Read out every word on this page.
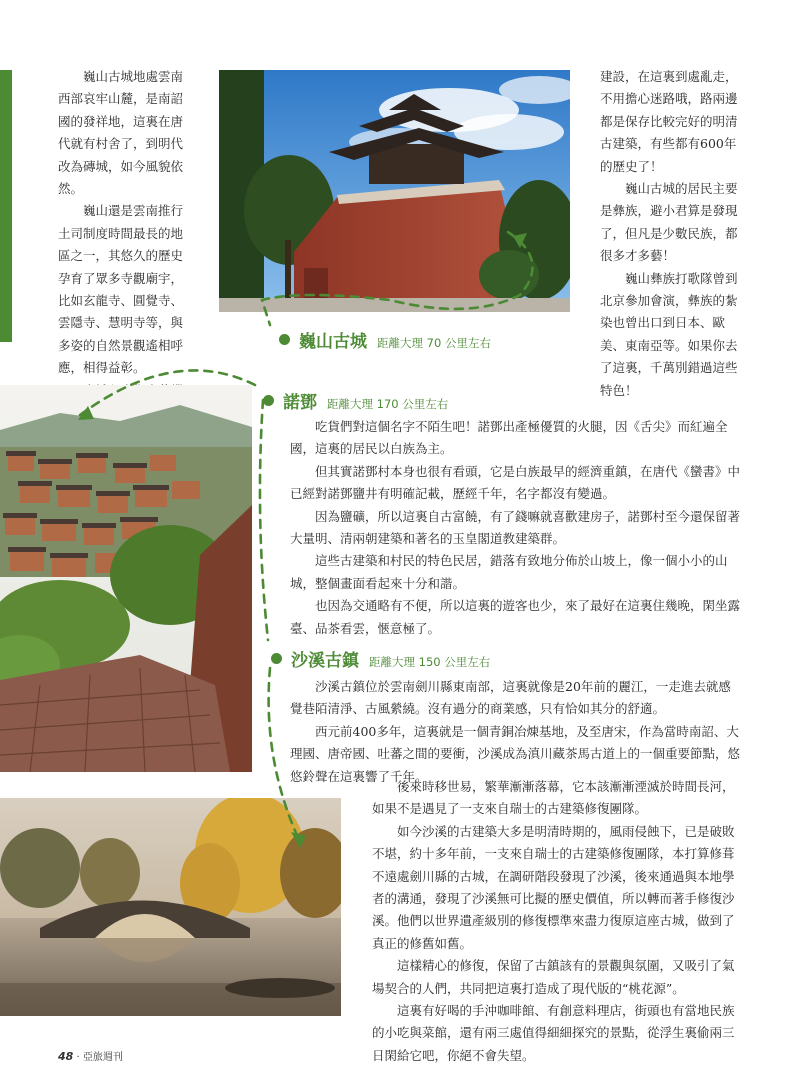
巍山古城地處雲南西部哀牢山麓，是南詔國的發祥地，這裏在唐代就有村舍了，到明代改為磚城，如今風貌依然。

巍山還是雲南推行土司制度時間最長的地區之一，其悠久的歷史孕育了眾多寺觀廟宇，比如玄龍寺、圓覺寺、雲隱寺、慧明寺等，與多姿的自然景觀遙相呼應，相得益彰。

建設，在這裏到處亂走，不用擔心迷路哦，路兩邊都是保存比較完好的明清古建築，有些都有600年的歷史了！

巍山古城的居民主要是彝族，避小君算是發現了，但凡是少數民族，都很多才多藝！

巍山彝族打歌隊曾到北京參加會演，彝族的紮染也曾出口到日本、歐美、東南亞等。如果你去了這裏，千萬別錯過這些特色！

巍山古城 距離大理 70 公里左右
諾鄧 距離大理 170 公里左右

吃貨們對這個名字不陌生吧！諾鄧出產極優質的火腿，因《舌尖》而紅遍全國，這裏的居民以白族為主。

但其實諾鄧村本身也很有看頭，它是白族最早的經濟重鎮，在唐代《蠻書》中已經對諾鄧鹽井有明確記載，歷經千年，名字都沒有變過。

因為鹽礦，所以這裏自古富饒，有了錢嘛就喜歡建房子，諾鄧村至今還保留著大量明、清兩朝建築和著名的玉皇閣道教建築群。

這些古建築和村民的特色民居，錯落有致地分佈於山坡上，像一個小小的山城，整個畫面看起來十分和諧。

也因為交通略有不便，所以這裏的遊客也少，來了最好在這裏住幾晚，閑坐露臺、品茶看雲，愜意極了。

沙溪古鎮 距離大理 150 公里左右

沙溪古鎮位於雲南劍川縣東南部，這裏就像是20年前的麗江，一走進去就感覺巷陌清淨、古風縈繞。沒有過分的商業感，只有恰如其分的舒適。

西元前400多年，這裏就是一個青銅冶煉基地，及至唐宋，作為當時南詔、大理國、唐帝國、吐蕃之間的要衝，沙溪成為滇川藏茶馬古道上的一個重要節點，悠悠鈴聲在這裏響了千年。

後來時移世易，繁華漸漸落幕，它本該漸漸湮滅於時間長河，如果不是遇見了一支來自瑞士的古建築修復團隊。

如今沙溪的古建築大多是明清時期的，風雨侵蝕下，已是破敗不堪，約十多年前，一支來自瑞士的古建築修復團隊，本打算修葺不遠處劍川縣的古城，在調研階段發現了沙溪，後來通過與本地學者的溝通，發現了沙溪無可比擬的歷史價值，所以轉而著手修復沙溪。他們以世界遺產級別的修復標準來盡力復原這座古城，做到了真正的修舊如舊。

這樣精心的修復，保留了古鎮該有的景觀與氛圍，又吸引了氣場契合的人們，共同把這裏打造成了現代版的“桃花源”。

這裏有好喝的手沖咖啡館、有創意料理店，街頭也有當地民族的小吃與菜館，還有兩三處值得細細探究的景點，從浮生裏偷兩三日閑給它吧，你絕不會失望。

48 · 亞旅週刊
